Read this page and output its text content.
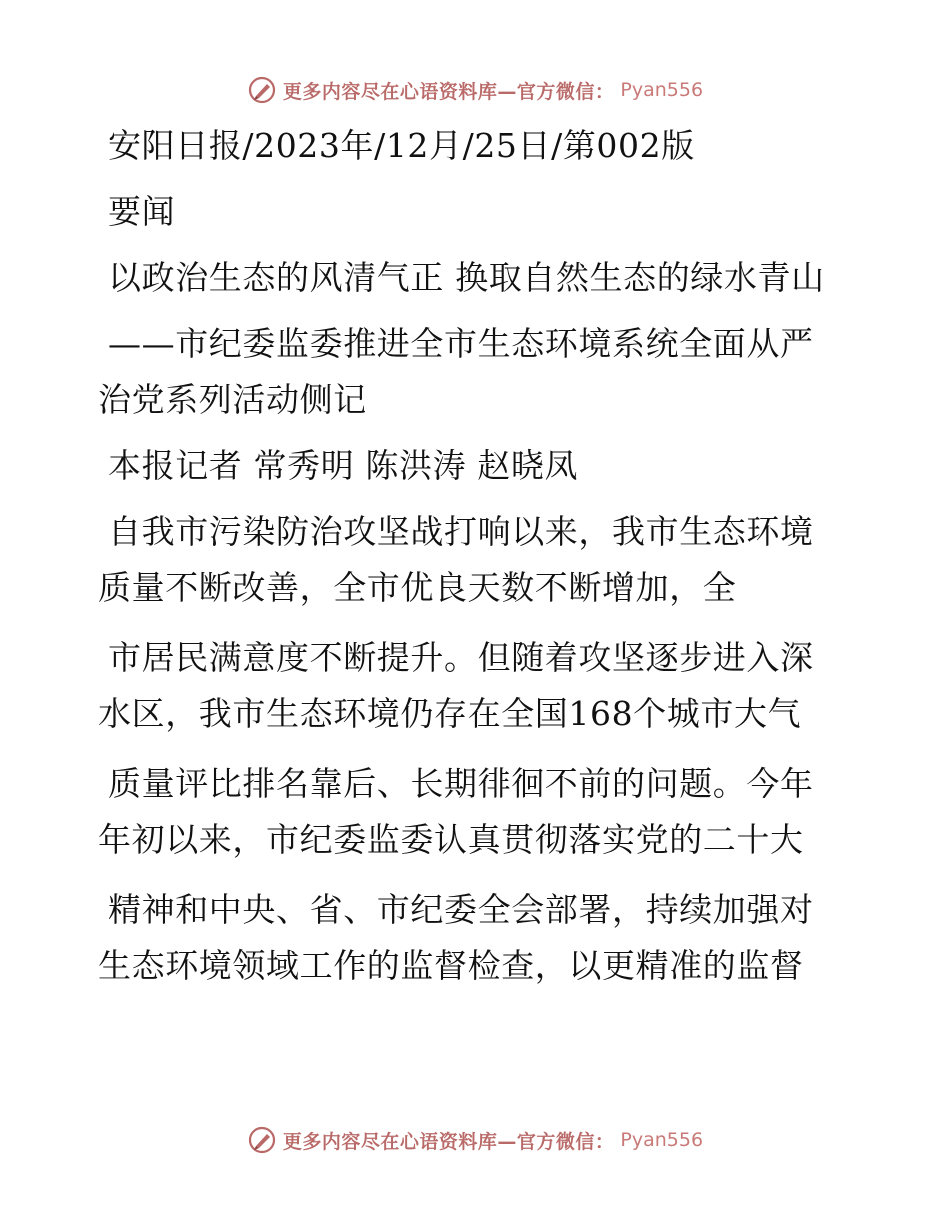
更多内容尽在心语资料库—官方微信： Pyan556
安阳日报/2023年/12月/25日/第002版
要闻
以政治生态的风清气正 换取自然生态的绿水青山
——市纪委监委推进全市生态环境系统全面从严
治党系列活动侧记
本报记者 常秀明 陈洪涛 赵晓凤
自我市污染防治攻坚战打响以来，我市生态环境
质量不断改善，全市优良天数不断增加，全
市居民满意度不断提升。但随着攻坚逐步进入深
水区，我市生态环境仍存在全国168个城市大气
质量评比排名靠后、长期徘徊不前的问题。今年
年初以来，市纪委监委认真贯彻落实党的二十大
精神和中央、省、市纪委全会部署，持续加强对
生态环境领域工作的监督检查，以更精准的监督
更多内容尽在心语资料库—官方微信： Pyan556
